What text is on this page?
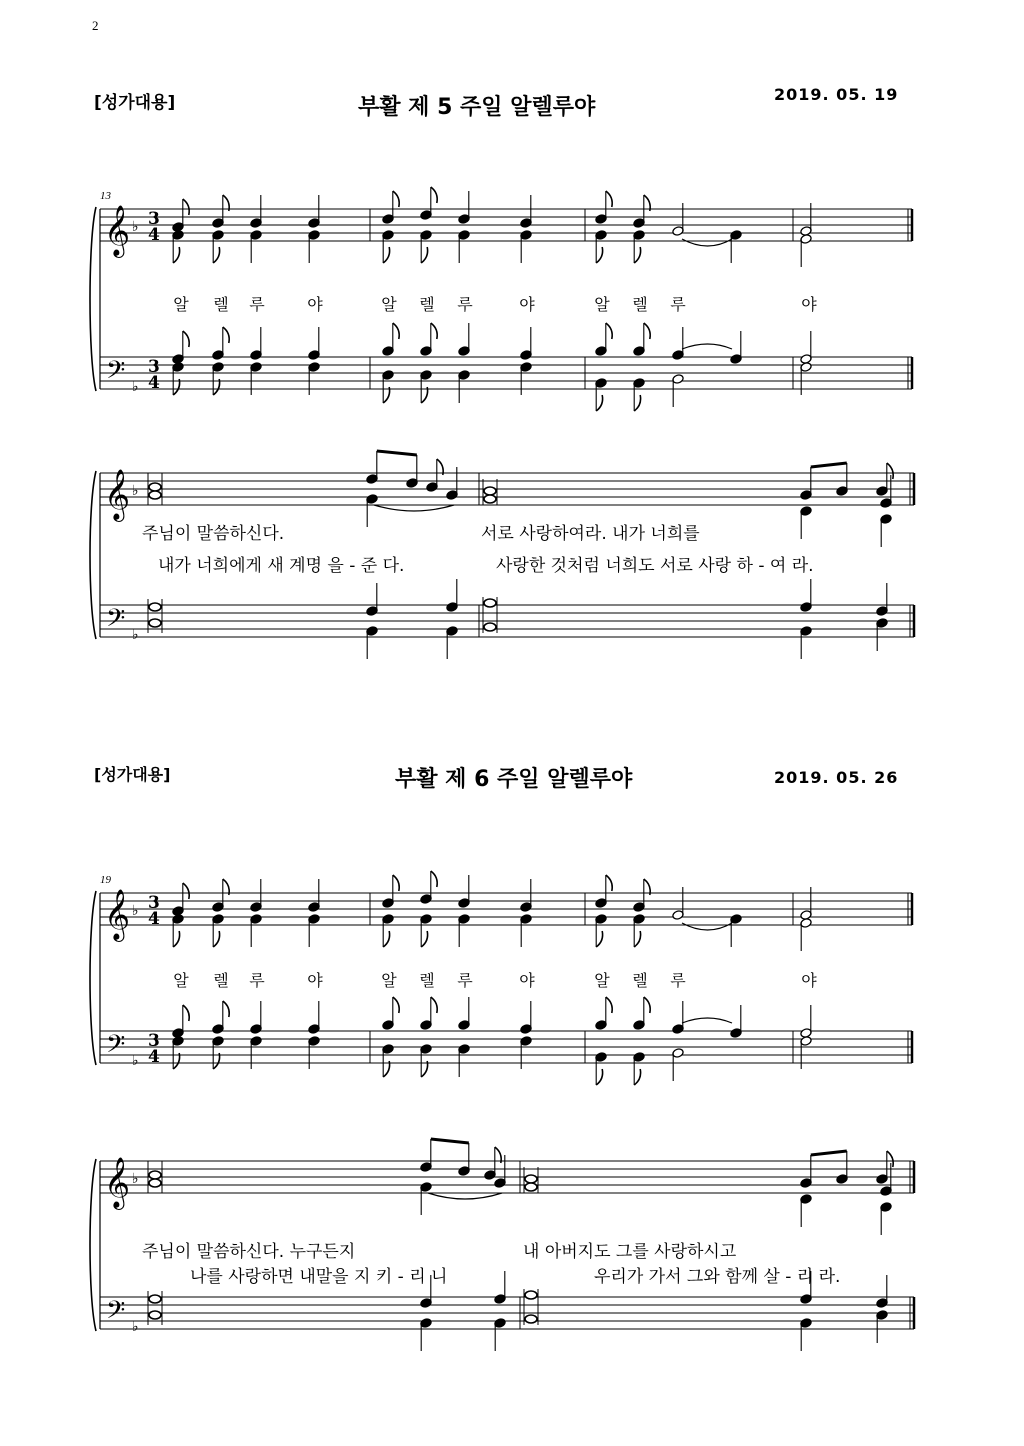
2
[성가대용]	부활 제 5 주일 알렐루야
2019. 05. 19
[성가대용]	부활 제 6 주일 알렐루야	2019. 05. 26
13
19
알 렐 루	야	알 렐 루	야	알 렐 루	야
주님이 말씀하신다.	서로 사랑하여라. 내가 너희를
내가 너희에게 새 계명 을 - 준 다.	사랑한 것처럼 너희도 서로 사랑 하 - 여 라.
알 렐 루	야	알 렐 루	야	알 렐 루	야
주님이 말씀하신다. 누구든지	내 아버지도 그를 사랑하시고
나를 사랑하면 내말을 지 키 - 리 니	우리가 가서 그와 함께 살 - 리 라.
𝄞
𝄢
♭
♭
3
3
4
4
𝄞
𝄢
♭
♭
𝄞
𝄢
♭
♭
3
3
4
4
𝄞
𝄢
♭
♭
